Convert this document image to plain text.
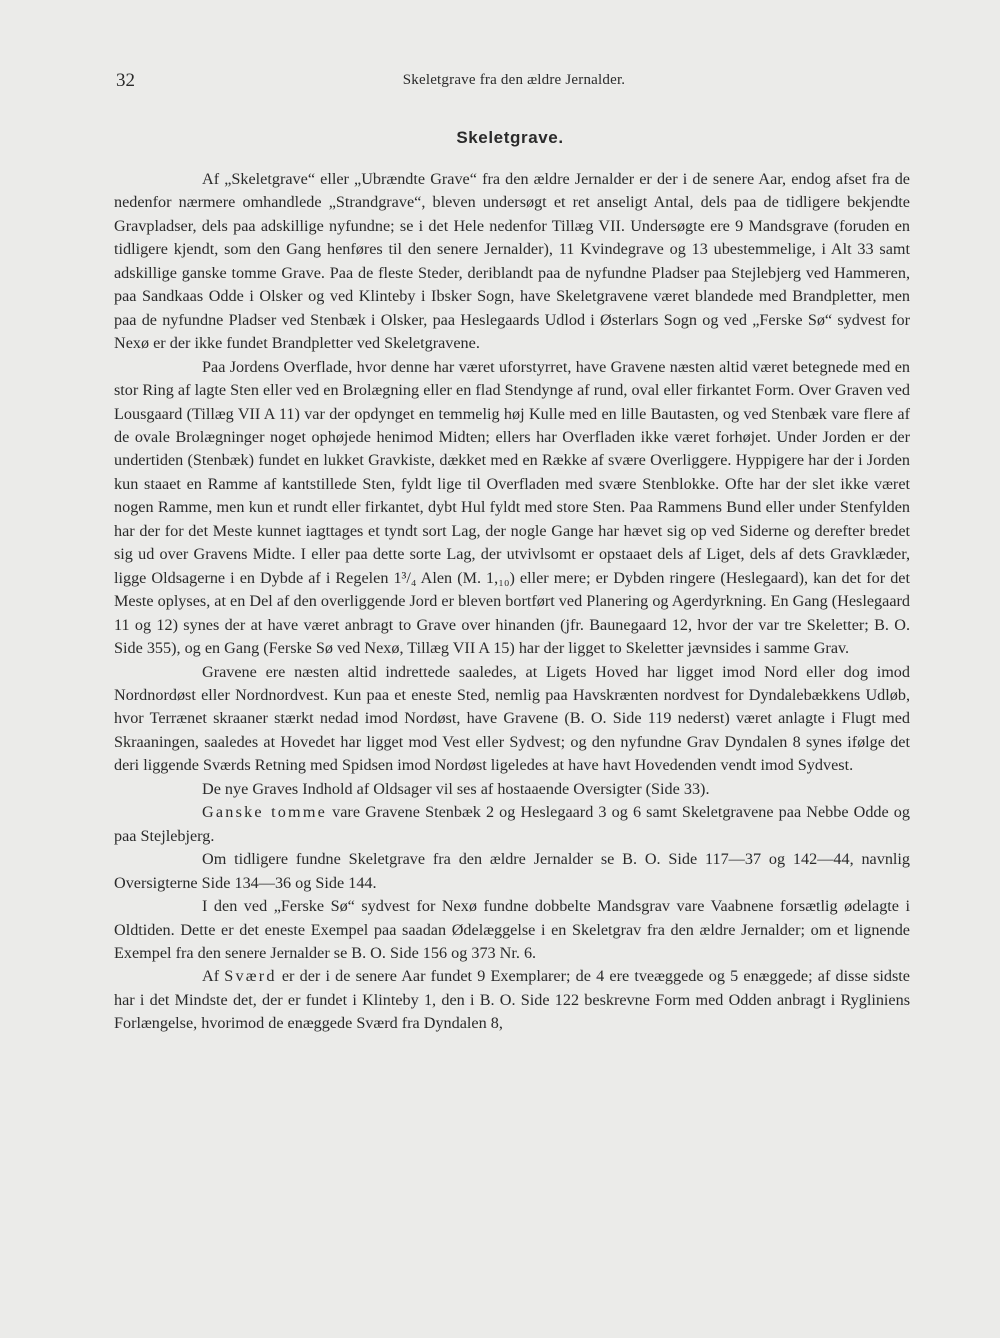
32	Skeletgrave fra den ældre Jernalder.
Skeletgrave.

Af „Skeletgrave“ eller „Ubrændte Grave“ fra den ældre Jernalder er der i de senere Aar, endog afset fra de nedenfor nærmere omhandlede „Strandgrave“, bleven undersøgt et ret anseligt Antal, dels paa de tidligere bekjendte Gravpladser, dels paa adskillige nyfundne; se i det Hele nedenfor Tillæg VII. Undersøgte ere 9 Mandsgrave (foruden en tidligere kjendt, som den Gang henføres til den senere Jernalder), 11 Kvindegrave og 13 ubestemmelige, i Alt 33 samt adskillige ganske tomme Grave. Paa de fleste Steder, deriblandt paa de nyfundne Pladser paa Stejlebjerg ved Hammeren, paa Sandkaas Odde i Olsker og ved Klinteby i Ibsker Sogn, have Skeletgravene været blandede med Brandpletter, men paa de nyfundne Pladser ved Stenbæk i Olsker, paa Heslegaards Udlod i Østerlars Sogn og ved „Ferske Sø“ sydvest for Nexø er der ikke fundet Brandpletter ved Skeletgravene.

Paa Jordens Overflade, hvor denne har været uforstyrret, have Gravene næsten altid været betegnede med en stor Ring af lagte Sten eller ved en Brolægning eller en flad Stendynge af rund, oval eller firkantet Form. Over Graven ved Lousgaard (Tillæg VII A 11) var der opdynget en temmelig høj Kulle med en lille Bautasten, og ved Stenbæk vare flere af de ovale Brolægninger noget ophøjede henimod Midten; ellers har Overfladen ikke været forhøjet. Under Jorden er der undertiden (Stenbæk) fundet en lukket Gravkiste, dækket med en Række af svære Overliggere. Hyppigere har der i Jorden kun staaet en Ramme af kantstillede Sten, fyldt lige til Overfladen med svære Stenblokke. Ofte har der slet ikke været nogen Ramme, men kun et rundt eller firkantet, dybt Hul fyldt med store Sten. Paa Rammens Bund eller under Stenfylden har der for det Meste kunnet iagttages et tyndt sort Lag, der nogle Gange har hævet sig op ved Siderne og derefter bredet sig ud over Gravens Midte. I eller paa dette sorte Lag, der utvivlsomt er opstaaet dels af Liget, dels af dets Gravklæder, ligge Oldsagerne i en Dybde af i Regelen 1³/₄ Alen (M. 1,₁₀) eller mere; er Dybden ringere (Heslegaard), kan det for det Meste oplyses, at en Del af den overliggende Jord er bleven bortført ved Planering og Agerdyrkning. En Gang (Heslegaard 11 og 12) synes der at have været anbragt to Grave over hinanden (jfr. Baunegaard 12, hvor der var tre Skeletter; B. O. Side 355), og en Gang (Ferske Sø ved Nexø, Tillæg VII A 15) har der ligget to Skeletter jævnsides i samme Grav.

Gravene ere næsten altid indrettede saaledes, at Ligets Hoved har ligget imod Nord eller dog imod Nordnordøst eller Nordnordvest. Kun paa et eneste Sted, nemlig paa Havskrænten nordvest for Dyndalebækkens Udløb, hvor Terrænet skraaner stærkt nedad imod Nordøst, have Gravene (B. O. Side 119 nederst) været anlagte i Flugt med Skraaningen, saaledes at Hovedet har ligget mod Vest eller Sydvest; og den nyfundne Grav Dyndalen 8 synes ifølge det deri liggende Sværds Retning med Spidsen imod Nordøst ligeledes at have havt Hovedenden vendt imod Sydvest.

De nye Graves Indhold af Oldsager vil ses af hostaaende Oversigter (Side 33).

Ganske tomme vare Gravene Stenbæk 2 og Heslegaard 3 og 6 samt Skeletgravene paa Nebbe Odde og paa Stejlebjerg.

Om tidligere fundne Skeletgrave fra den ældre Jernalder se B. O. Side 117—37 og 142—44, navnlig Oversigterne Side 134—36 og Side 144.

I den ved „Ferske Sø“ sydvest for Nexø fundne dobbelte Mandsgrav vare Vaabnene forsætlig ødelagte i Oldtiden. Dette er det eneste Exempel paa saadan Ødelæggelse i en Skeletgrav fra den ældre Jernalder; om et lignende Exempel fra den senere Jernalder se B. O. Side 156 og 373 Nr. 6.

Af Sværd er der i de senere Aar fundet 9 Exemplarer; de 4 ere tveæggede og 5 enæggede; af disse sidste har i det Mindste det, der er fundet i Klinteby 1, den i B. O. Side 122 beskrevne Form med Odden anbragt i Rygliniens Forlængelse, hvorimod de enæggede Sværd fra Dyndalen 8,
